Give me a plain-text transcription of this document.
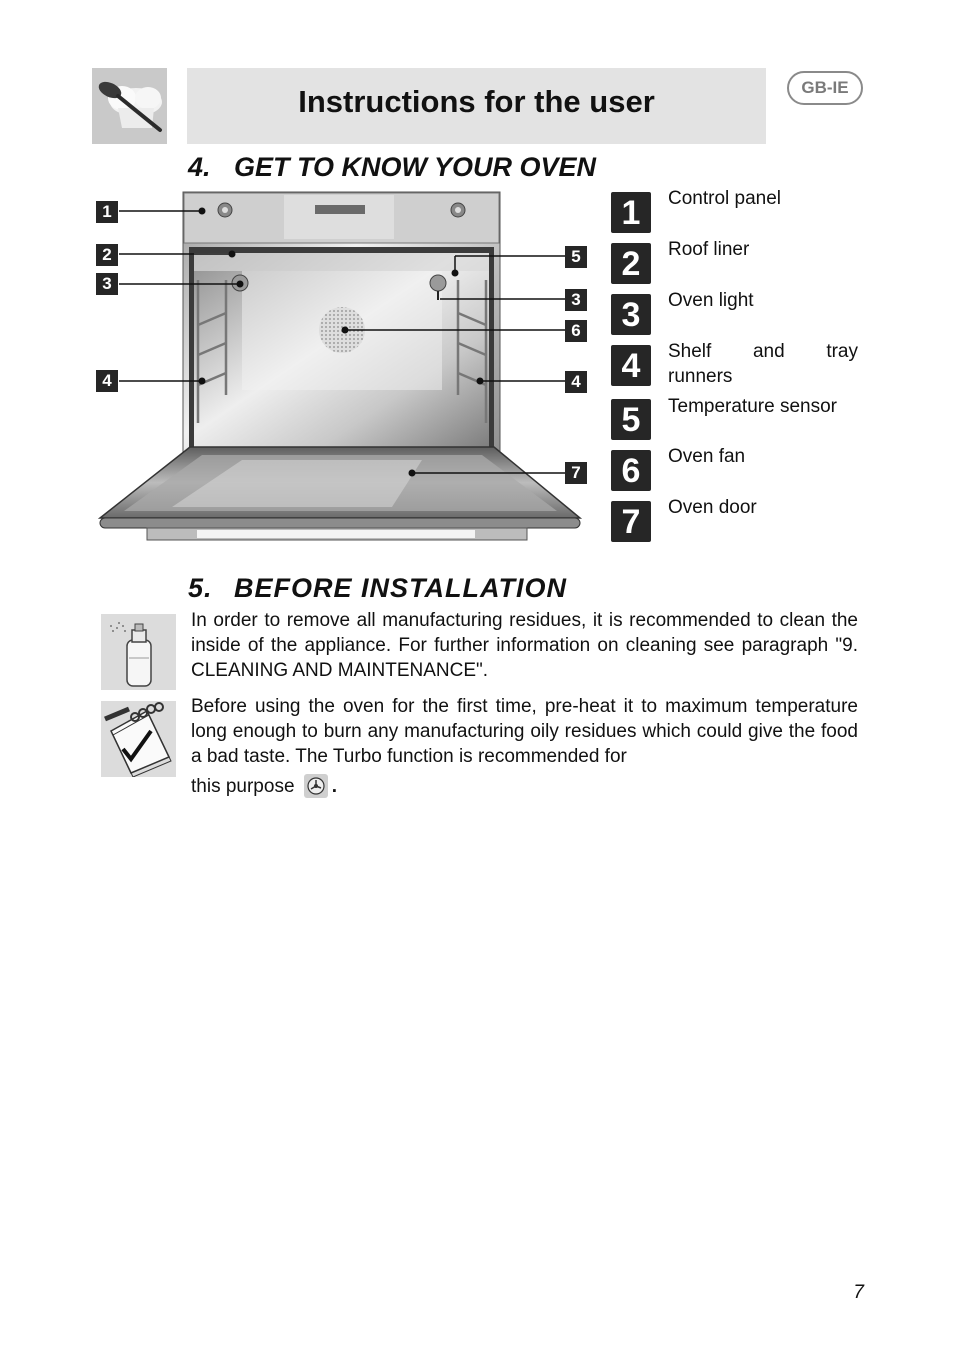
Instructions for the user	GB-IE
4. GET TO KNOW YOUR OVEN
1
2
3
4
5
3
6
4
7
1	Control panel
2	Roof liner
3	Oven light
4	Shelf and tray
runners
5	Temperature sensor
6	Oven fan
7	Oven door
5. BEFORE INSTALLATION
In order to remove all manufacturing residues, it is recommended to clean the inside of the appliance. For further information on cleaning see paragraph "9. CLEANING AND MAINTENANCE".
Before using the oven for the first time, pre-heat it to maximum temperature long enough to burn any manufacturing oily residues which could give the food a bad taste. The Turbo function is recommended for
this purpose .
7
